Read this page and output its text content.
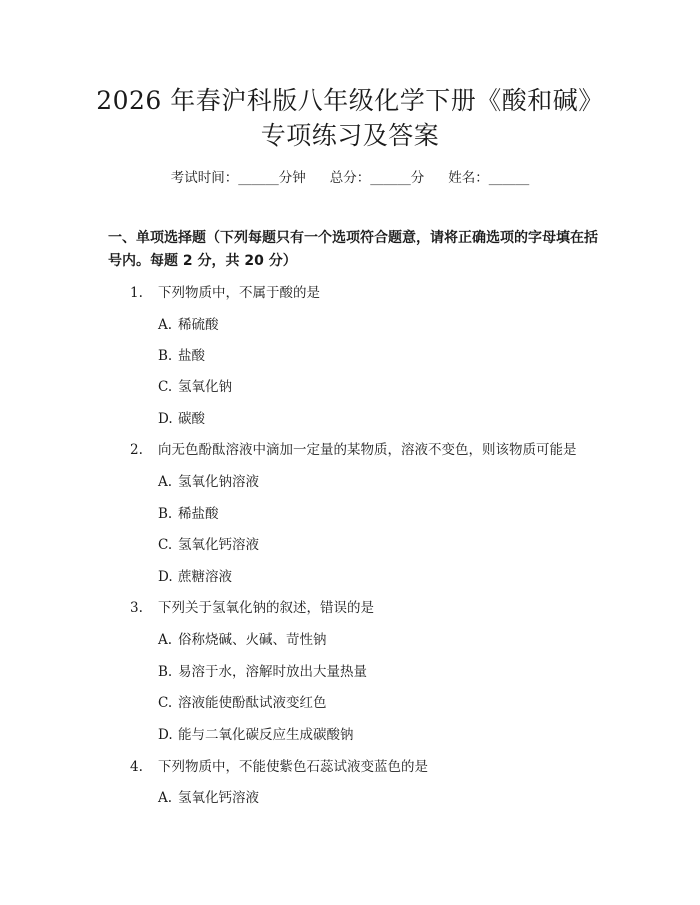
2026 年春沪科版八年级化学下册《酸和碱》
专项练习及答案
考试时间：______分钟 总分：______分 姓名：______
一、单项选择题（下列每题只有一个选项符合题意，请将正确选项的字母填在括
号内。每题 2 分，共 20 分）
1. 下列物质中，不属于酸的是
A. 稀硫酸
B. 盐酸
C. 氢氧化钠
D. 碳酸
2. 向无色酚酞溶液中滴加一定量的某物质，溶液不变色，则该物质可能是
A. 氢氧化钠溶液
B. 稀盐酸
C. 氢氧化钙溶液
D. 蔗糖溶液
3. 下列关于氢氧化钠的叙述，错误的是
A. 俗称烧碱、火碱、苛性钠
B. 易溶于水，溶解时放出大量热量
C. 溶液能使酚酞试液变红色
D. 能与二氧化碳反应生成碳酸钠
4. 下列物质中，不能使紫色石蕊试液变蓝色的是
A. 氢氧化钙溶液
